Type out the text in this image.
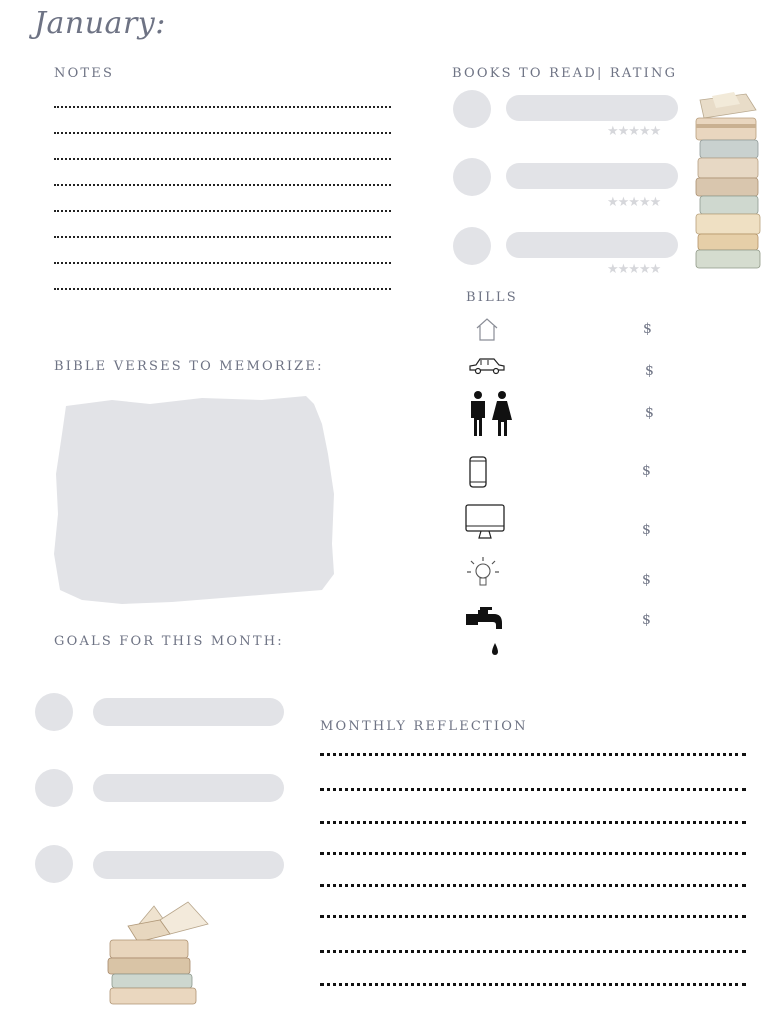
January:
NOTES	BOOKS TO READ| RATING
★★★★★
★★★★★
★★★★★
BILLS
$
$
$
$
$
$
$
BIBLE VERSES TO MEMORIZE:
GOALS FOR THIS MONTH:
MONTHLY REFLECTION
